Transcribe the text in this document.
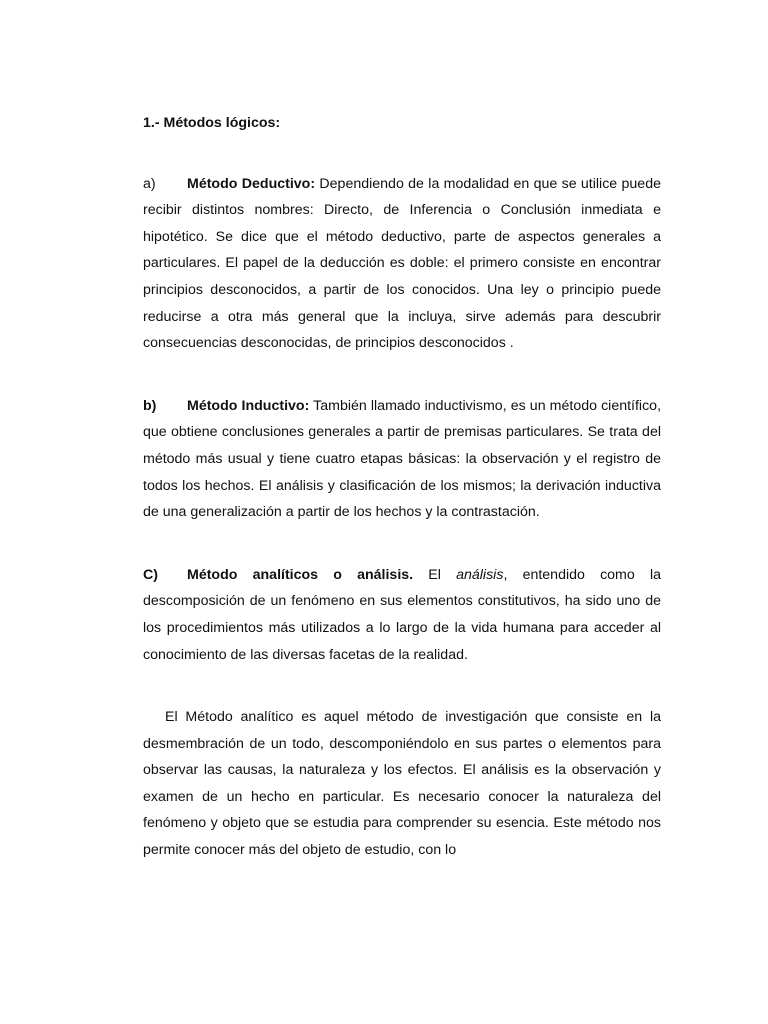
1.- Métodos lógicos:

a) Método Deductivo: Dependiendo de la modalidad en que se utilice puede recibir distintos nombres: Directo, de Inferencia o Conclusión inmediata e hipotético. Se dice que el método deductivo, parte de aspectos generales a particulares. El papel de la deducción es doble: el primero consiste en encontrar principios desconocidos, a partir de los conocidos. Una ley o principio puede reducirse a otra más general que la incluya, sirve además para descubrir consecuencias desconocidas, de principios desconocidos .

b) Método Inductivo: También llamado inductivismo, es un método científico, que obtiene conclusiones generales a partir de premisas particulares. Se trata del método más usual y tiene cuatro etapas básicas: la observación y el registro de todos los hechos. El análisis y clasificación de los mismos; la derivación inductiva de una generalización a partir de los hechos y la contrastación.

C) Método analíticos o análisis. El análisis, entendido como la descomposición de un fenómeno en sus elementos constitutivos, ha sido uno de los procedimientos más utilizados a lo largo de la vida humana para acceder al conocimiento de las diversas facetas de la realidad.

El Método analítico es aquel método de investigación que consiste en la desmembración de un todo, descomponiéndolo en sus partes o elementos para observar las causas, la naturaleza y los efectos. El análisis es la observación y examen de un hecho en particular. Es necesario conocer la naturaleza del fenómeno y objeto que se estudia para comprender su esencia. Este método nos permite conocer más del objeto de estudio, con lo
